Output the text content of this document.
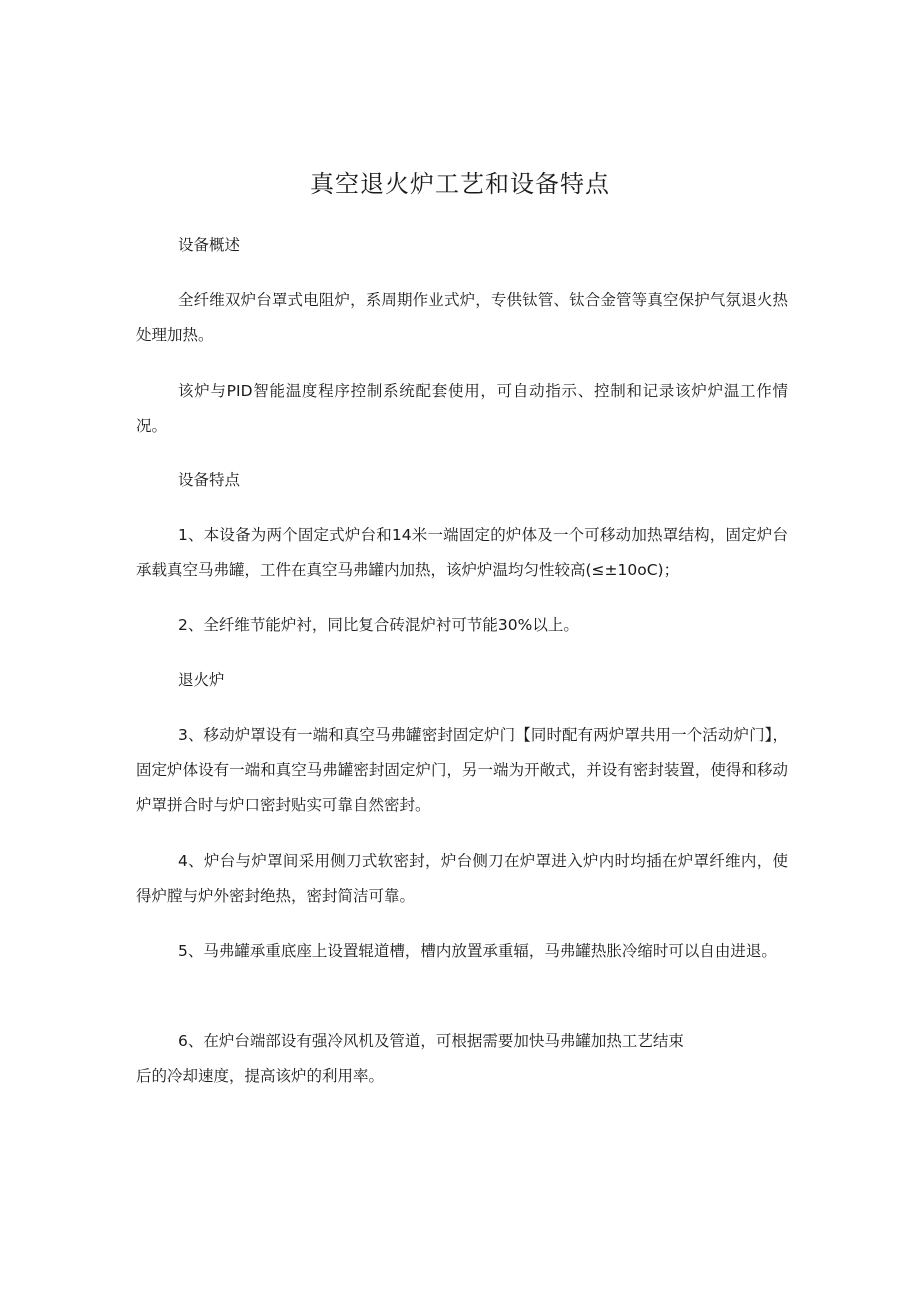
真空退火炉工艺和设备特点

设备概述

全纤维双炉台罩式电阻炉，系周期作业式炉，专供钛管、钛合金管等真空保护气氛退火热处理加热。

该炉与PID智能温度程序控制系统配套使用，可自动指示、控制和记录该炉炉温工作情况。

设备特点

1、本设备为两个固定式炉台和14米一端固定的炉体及一个可移动加热罩结构，固定炉台承载真空马弗罐，工件在真空马弗罐内加热，该炉炉温均匀性较高(≤±10oC)；

2、全纤维节能炉衬，同比复合砖混炉衬可节能30%以上。

退火炉

3、移动炉罩设有一端和真空马弗罐密封固定炉门【同时配有两炉罩共用一个活动炉门】，固定炉体设有一端和真空马弗罐密封固定炉门，另一端为开敞式，并设有密封装置，使得和移动炉罩拼合时与炉口密封贴实可靠自然密封。

4、炉台与炉罩间采用侧刀式软密封，炉台侧刀在炉罩进入炉内时均插在炉罩纤维内，使得炉膛与炉外密封绝热，密封简洁可靠。

5、马弗罐承重底座上设置辊道槽，槽内放置承重辐，马弗罐热胀冷缩时可以自由进退。

6、在炉台端部设有强冷风机及管道，可根据需要加快马弗罐加热工艺结束
后的冷却速度，提高该炉的利用率。
